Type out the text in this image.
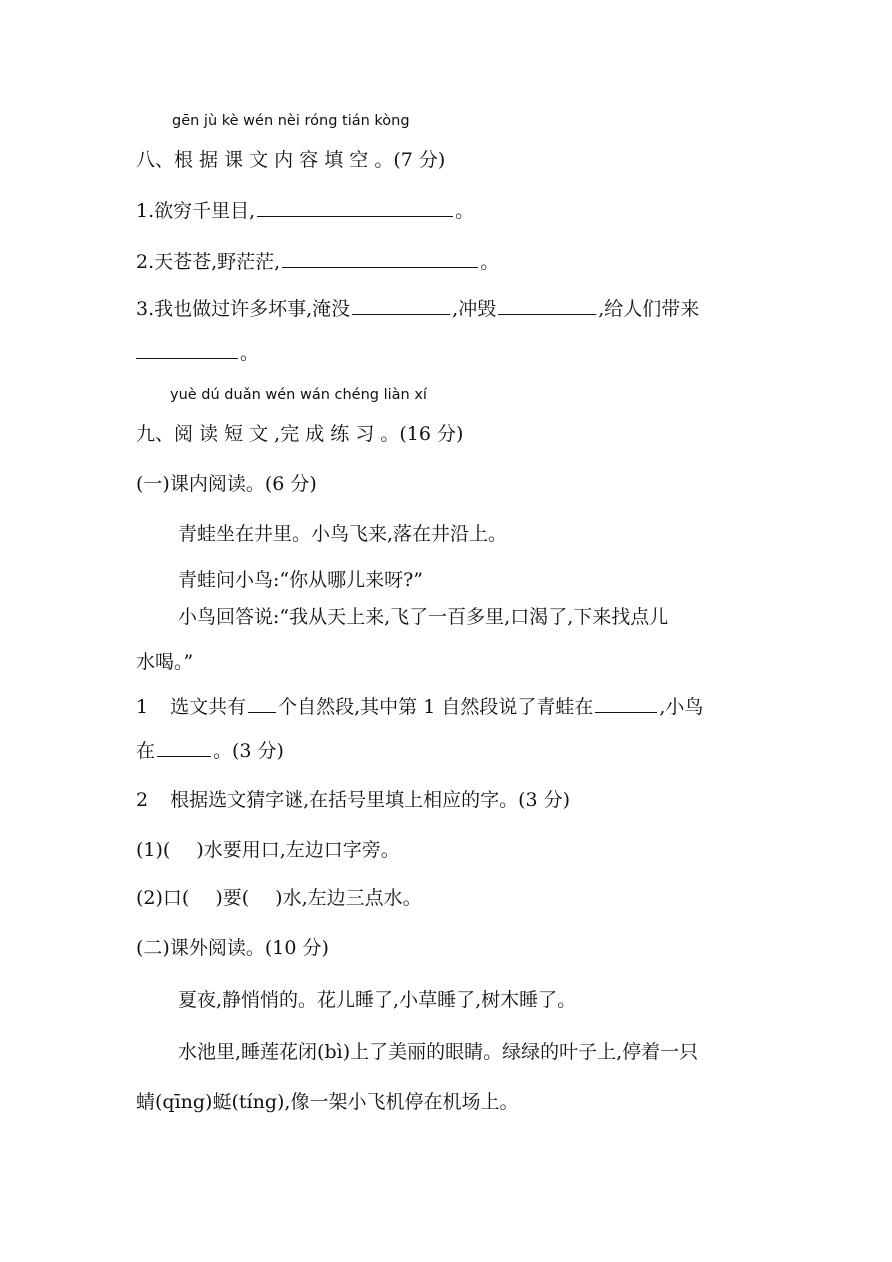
gēn jù kè wén nèi róng tián kòng
八、根 据 课 文 内 容 填 空 。(7 分)
1.欲穷千里目,	。
2.天苍苍,野茫茫,	。
3.我也做过许多坏事,淹没	,冲毁	,给人们带来
。
yuè dú duǎn wén wán chéng liàn xí
九、阅 读 短 文 ,完 成 练 习 。(16 分)
(一)课内阅读。(6 分)
青蛙坐在井里。小鸟飞来,落在井沿上。
青蛙问小鸟:“你从哪儿来呀?”
小鸟回答说:“我从天上来,飞了一百多里,口渴了,下来找点儿
水喝。”
1 选文共有 个自然段,其中第 1 自然段说了青蛙在	,小鸟
在	。(3 分)
2 根据选文猜字谜,在括号里填上相应的字。(3 分)
(1)( )水要用口,左边口字旁。
(2)口( )要( )水,左边三点水。
(二)课外阅读。(10 分)
夏夜,静悄悄的。花儿睡了,小草睡了,树木睡了。
水池里,睡莲花闭(bì)上了美丽的眼睛。绿绿的叶子上,停着一只
蜻(qīng)蜓(tíng),像一架小飞机停在机场上。
